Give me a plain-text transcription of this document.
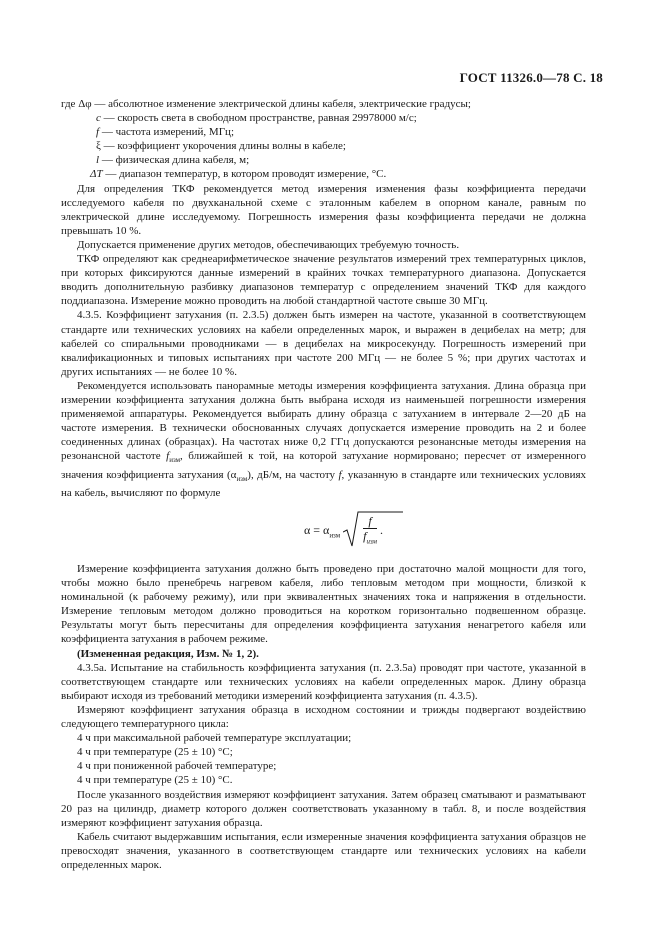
ГОСТ 11326.0—78 С. 18

где Δφ — абсолютное изменение электрической длины кабеля, электрические градусы;

c — скорость света в свободном пространстве, равная 29978000 м/с;

f — частота измерений, МГц;

ξ — коэффициент укорочения длины волны в кабеле;

l — физическая длина кабеля, м;

ΔT — диапазон температур, в котором проводят измерение, °С.

Для определения ТКФ рекомендуется метод измерения изменения фазы коэффициента передачи исследуемого кабеля по двухканальной схеме с эталонным кабелем в опорном канале, равным по электрической длине исследуемому. Погрешность измерения фазы коэффициента передачи не должна превышать 10 %.

Допускается применение других методов, обеспечивающих требуемую точность.

ТКФ определяют как среднеарифметическое значение результатов измерений трех температурных циклов, при которых фиксируются данные измерений в крайних точках температурного диапазона. Допускается вводить дополнительную разбивку диапазонов температур с определением значений ТКФ для каждого поддиапазона. Измерение можно проводить на любой стандартной частоте свыше 30 МГц.

4.3.5. Коэффициент затухания (п. 2.3.5) должен быть измерен на частоте, указанной в соответствующем стандарте или технических условиях на кабели определенных марок, и выражен в децибелах на метр; для кабелей со спиральными проводниками — в децибелах на микросекунду. Погрешность измерений при квалификационных и типовых испытаниях при частоте 200 МГц — не более 5 %; при других частотах и других испытаниях — не более 10 %.

Рекомендуется использовать панорамные методы измерения коэффициента затухания. Длина образца при измерении коэффициента затухания должна быть выбрана исходя из наименьшей погрешности измерения применяемой аппаратуры. Рекомендуется выбирать длину образца с затуханием в интервале 2—20 дБ на частоте измерения. В технически обоснованных случаях допускается измерение проводить на 2 и более соединенных длинах (образцах). На частотах ниже 0,2 ГГц допускаются резонансные методы измерения на резонансной частоте $f_{изм}$, ближайшей к той, на которой затухание нормировано; пересчет от измеренного значения коэффициента затухания $(\alpha_{изм})$, дБ/м, на частоту f, указанную в стандарте или технических условиях на кабель, вычисляют по формуле

$\alpha = \alpha_{изм} \frac{f}{f_{изм}}$ .

Измерение коэффициента затухания должно быть проведено при достаточно малой мощности для того, чтобы можно было пренебречь нагревом кабеля, либо тепловым методом при мощности, близкой к номинальной (к рабочему режиму), или при эквивалентных значениях тока и напряжения в отдельности. Измерение тепловым методом должно проводиться на коротком горизонтально подвешенном образце. Результаты могут быть пересчитаны для определения коэффициента затухания ненагретого кабеля или коэффициента затухания в рабочем режиме.

(Измененная редакция, Изм. № 1, 2).

4.3.5а. Испытание на стабильность коэффициента затухания (п. 2.3.5а) проводят при частоте, указанной в соответствующем стандарте или технических условиях на кабели определенных марок. Длину образца выбирают исходя из требований методики измерений коэффициента затухания (п. 4.3.5).

Измеряют коэффициент затухания образца в исходном состоянии и трижды подвергают воздействию следующего температурного цикла:

4 ч при максимальной рабочей температуре эксплуатации;

4 ч при температуре (25 ± 10) °С;

4 ч при пониженной рабочей температуре;

4 ч при температуре (25 ± 10) °С.

После указанного воздействия измеряют коэффициент затухания. Затем образец сматывают и разматывают 20 раз на цилиндр, диаметр которого должен соответствовать указанному в табл. 8, и после воздействия измеряют коэффициент затухания образца.

Кабель считают выдержавшим испытания, если измеренные значения коэффициента затухания образцов не превосходят значения, указанного в соответствующем стандарте или технических условиях на кабели определенных марок.
